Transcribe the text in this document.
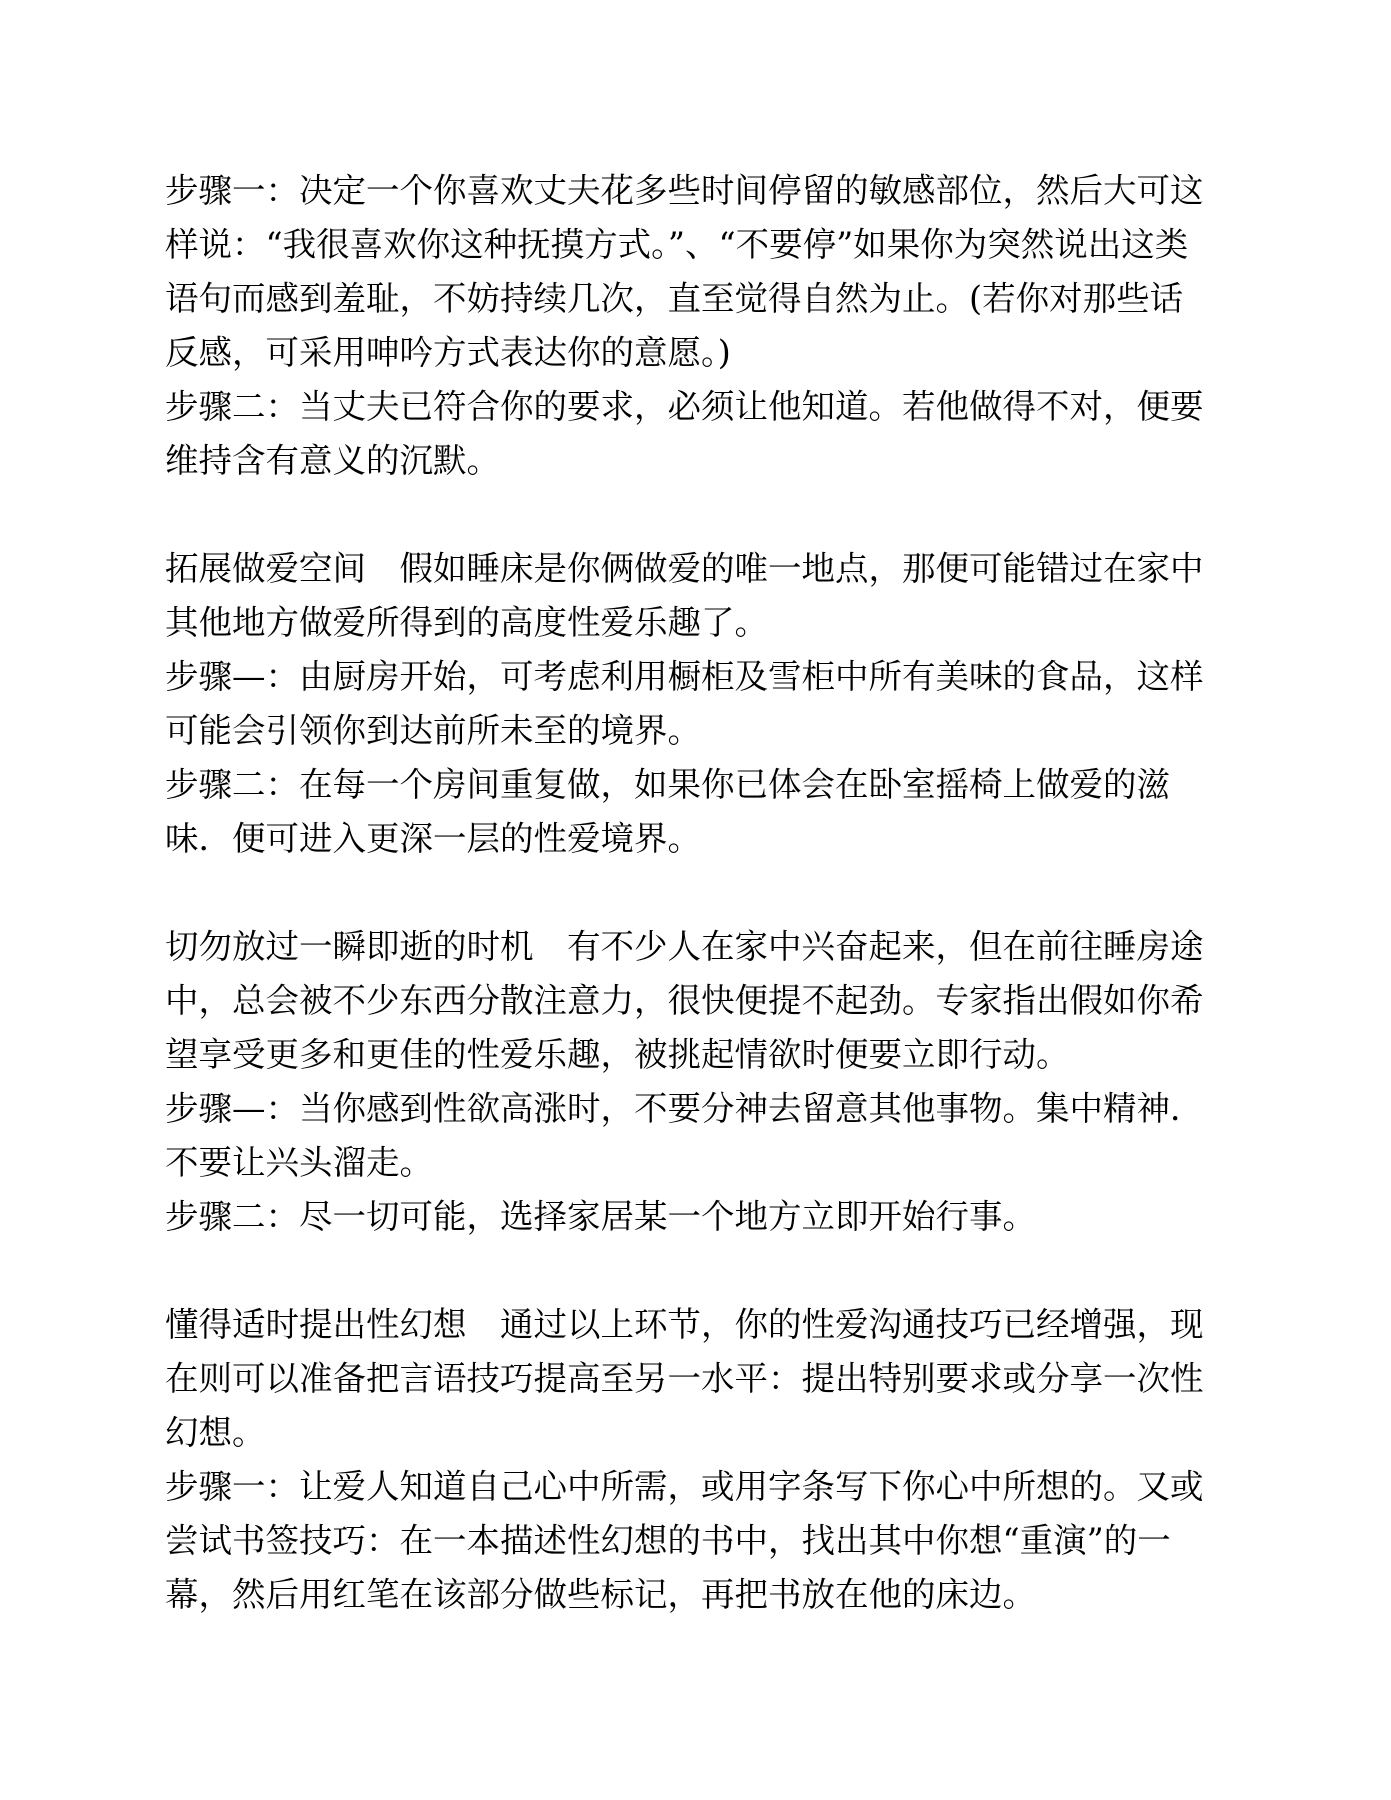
步骤一：决定一个你喜欢丈夫花多些时间停留的敏感部位，然后大可这
样说：“我很喜欢你这种抚摸方式。”、“不要停”如果你为突然说出这类
语句而感到羞耻，不妨持续几次，直至觉得自然为止。(若你对那些话
反感，可采用呻吟方式表达你的意愿。)
步骤二：当丈夫已符合你的要求，必须让他知道。若他做得不对，便要
维持含有意义的沉默。
拓展做爱空间　假如睡床是你俩做爱的唯一地点，那便可能错过在家中
其他地方做爱所得到的高度性爱乐趣了。
步骤—：由厨房开始，可考虑利用橱柜及雪柜中所有美味的食品，这样
可能会引领你到达前所未至的境界。
步骤二：在每一个房间重复做，如果你已体会在卧室摇椅上做爱的滋
味．便可进入更深一层的性爱境界。
切勿放过一瞬即逝的时机　有不少人在家中兴奋起来，但在前往睡房途
中，总会被不少东西分散注意力，很快便提不起劲。专家指出假如你希
望享受更多和更佳的性爱乐趣，被挑起情欲时便要立即行动。
步骤—：当你感到性欲高涨时，不要分神去留意其他事物。集中精神．
不要让兴头溜走。
步骤二：尽一切可能，选择家居某一个地方立即开始行事。
懂得适时提出性幻想　通过以上环节，你的性爱沟通技巧已经增强，现
在则可以准备把言语技巧提高至另一水平：提出特别要求或分享一次性
幻想。
步骤一：让爱人知道自己心中所需，或用字条写下你心中所想的。又或
尝试书签技巧：在一本描述性幻想的书中，找出其中你想“重演”的一
幕，然后用红笔在该部分做些标记，再把书放在他的床边。
